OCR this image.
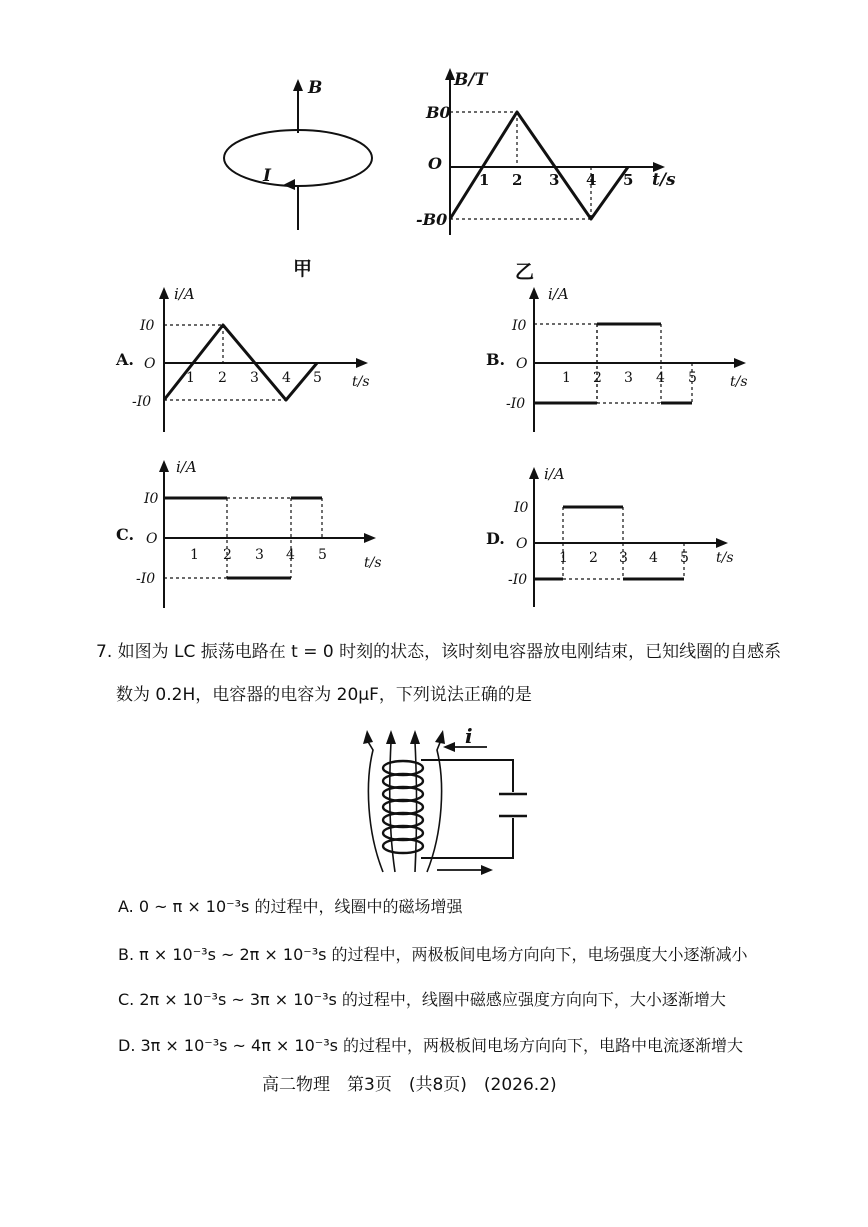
B
I
甲
B/T
t/s
O
B0
-B0
1 2 3 4 5
乙
A.
i/A
t/s
O
I0
-I0
1 2 3 4 5
B.
i/A
t/s
O
I0
-I0
1 2 3 4 5
C.
i/A
t/s
O
I0
-I0
1 2 3 4 5
D.
i/A
t/s
O
I0
-I0
1 2 3 4 5
7. 如图为 LC 振荡电路在 t = 0 时刻的状态，该时刻电容器放电刚结束，已知线圈的自感系
数为 0.2H，电容器的电容为 20μF，下列说法正确的是
i
A. 0 ~ π × 10⁻³s 的过程中，线圈中的磁场增强
B. π × 10⁻³s ~ 2π × 10⁻³s 的过程中，两极板间电场方向向下，电场强度大小逐渐减小
C. 2π × 10⁻³s ~ 3π × 10⁻³s 的过程中，线圈中磁感应强度方向向下，大小逐渐增大
D. 3π × 10⁻³s ~ 4π × 10⁻³s 的过程中，两极板间电场方向向下，电路中电流逐渐增大
高二物理　第3页　(共8页)　(2026.2)
